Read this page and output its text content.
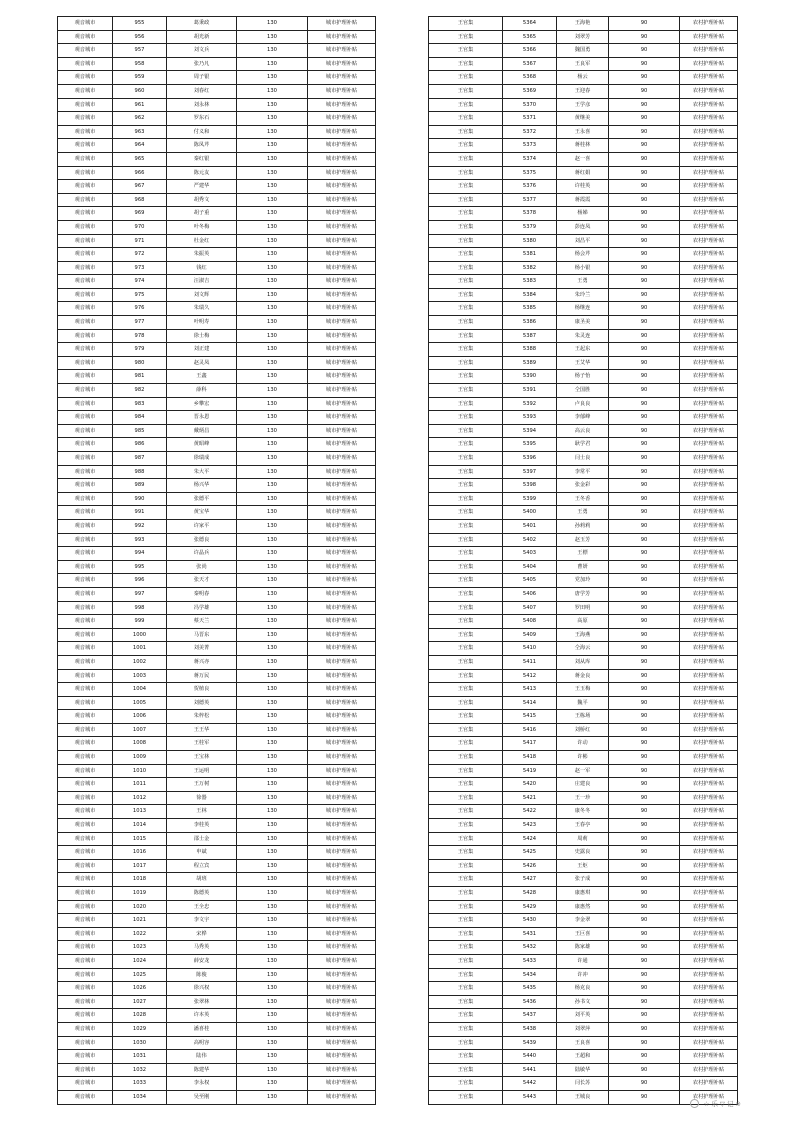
观音城市	955	葛秉政	130	城市护理补贴
观音城市	956	胡光新	130	城市护理补贴
观音城市	957	刘文兵	130	城市护理补贴
观音城市	958	张乃凡	130	城市护理补贴
观音城市	959	周子银	130	城市护理补贴
观音城市	960	刘春红	130	城市护理补贴
观音城市	961	刘永林	130	城市护理补贴
观音城市	962	罗东石	130	城市护理补贴
观音城市	963	付义和	130	城市护理补贴
观音城市	964	陈凤芹	130	城市护理补贴
观音城市	965	秦红银	130	城市护理补贴
观音城市	966	陈元友	130	城市护理补贴
观音城市	967	严建华	130	城市护理补贴
观音城市	968	胡秀文	130	城市护理补贴
观音城市	969	胡子重	130	城市护理补贴
观音城市	970	叶冬梅	130	城市护理补贴
观音城市	971	杜金红	130	城市护理补贴
观音城市	972	朱振英	130	城市护理补贴
观音城市	973	钱红	130	城市护理补贴
观音城市	974	汪淑吉	130	城市护理补贴
观音城市	975	刘文辉	130	城市护理补贴
观音城市	976	朱瑞久	130	城市护理补贴
观音城市	977	叶明寿	130	城市护理补贴
观音城市	978	徐士梅	130	城市护理补贴
观音城市	979	刘正建	130	城市护理补贴
观音城市	980	赵灵凤	130	城市护理补贴
观音城市	981	王鑫	130	城市护理补贴
观音城市	982	薛科	130	城市护理补贴
观音城市	983	乡攀宏	130	城市护理补贴
观音城市	984	晋永恩	130	城市护理补贴
观音城市	985	戴炳昌	130	城市护理补贴
观音城市	986	黄昭峰	130	城市护理补贴
观音城市	987	徐瑞成	130	城市护理补贴
观音城市	988	朱大平	130	城市护理补贴
观音城市	989	杨兴华	130	城市护理补贴
观音城市	990	张德平	130	城市护理补贴
观音城市	991	黄宝华	130	城市护理补贴
观音城市	992	许家平	130	城市护理补贴
观音城市	993	张德良	130	城市护理补贴
观音城市	994	许晶兵	130	城市护理补贴
观音城市	995	张尚	130	城市护理补贴
观音城市	996	张天才	130	城市护理补贴
观音城市	997	秦明春	130	城市护理补贴
观音城市	998	冯学雄	130	城市护理补贴
观音城市	999	蔡天兰	130	城市护理补贴
观音城市	1000	马晋东	130	城市护理补贴
观音城市	1001	刘美菁	130	城市护理补贴
观音城市	1002	蒋兴亦	130	城市护理补贴
观音城市	1003	蒋万民	130	城市护理补贴
观音城市	1004	贺植良	130	城市护理补贴
观音城市	1005	刘德英	130	城市护理补贴
观音城市	1006	朱梓松	130	城市护理补贴
观音城市	1007	王王华	130	城市护理补贴
观音城市	1008	王桂军	130	城市护理补贴
观音城市	1009	王宝林	130	城市护理补贴
观音城市	1010	王运明	130	城市护理补贴
观音城市	1011	王万树	130	城市护理补贴
观音城市	1012	徐器	130	城市护理补贴
观音城市	1013	王林	130	城市护理补贴
观音城市	1014	李桂英	130	城市护理补贴
观音城市	1015	邵士金	130	城市护理补贴
观音城市	1016	申斌	130	城市护理补贴
观音城市	1017	程立宾	130	城市护理补贴
观音城市	1018	胡班	130	城市护理补贴
观音城市	1019	陈德英	130	城市护理补贴
观音城市	1020	王全忠	130	城市护理补贴
观音城市	1021	李文宇	130	城市护理补贴
观音城市	1022	宋桦	130	城市护理补贴
观音城市	1023	马秀英	130	城市护理补贴
观音城市	1024	薛安龙	130	城市护理补贴
观音城市	1025	陈俊	130	城市护理补贴
观音城市	1026	徐兴权	130	城市护理补贴
观音城市	1027	张翠林	130	城市护理补贴
观音城市	1028	许本英	130	城市护理补贴
观音城市	1029	潘喜桂	130	城市护理补贴
观音城市	1030	高明容	130	城市护理补贴
观音城市	1031	陆伟	130	城市护理补贴
观音城市	1032	陈建华	130	城市护理补贴
观音城市	1033	李永权	130	城市护理补贴
观音城市	1034	吴至刚	130	城市护理补贴
王官集	5364	王海艳	90	农村护理补贴
王官集	5365	刘翠芳	90	农村护理补贴
王官集	5366	魏国勇	90	农村护理补贴
王官集	5367	王良军	90	农村护理补贴
王官集	5368	杨云	90	农村护理补贴
王官集	5369	王迎春	90	农村护理补贴
王官集	5370	王学彦	90	农村护理补贴
王官集	5371	黄继美	90	农村护理补贴
王官集	5372	王永喜	90	农村护理补贴
王官集	5373	蒋桂林	90	农村护理补贴
王官集	5374	赵一喜	90	农村护理补贴
王官集	5375	蒋红娟	90	农村护理补贴
王官集	5376	许桂英	90	农村护理补贴
王官集	5377	蒋霞霞	90	农村护理补贴
王官集	5378	杨娣	90	农村护理补贴
王官集	5379	彭连凤	90	农村护理补贴
王官集	5380	刘昌平	90	农村护理补贴
王官集	5381	杨会芹	90	农村护理补贴
王官集	5382	杨小银	90	农村护理补贴
王官集	5383	王勇	90	农村护理补贴
王官集	5384	朱玲兰	90	农村护理补贴
王官集	5385	杨继连	90	农村护理补贴
王官集	5386	康圣美	90	农村护理补贴
王官集	5387	朱灵连	90	农村护理补贴
王官集	5388	王起东	90	农村护理补贴
王官集	5389	王艾华	90	农村护理补贴
王官集	5390	杨子怡	90	农村护理补贴
王官集	5391	仝国胜	90	农村护理补贴
王官集	5392	卢良良	90	农村护理补贴
王官集	5393	李郁峰	90	农村护理补贴
王官集	5394	高云良	90	农村护理补贴
王官集	5395	耿学君	90	农村护理补贴
王官集	5396	闫士良	90	农村护理补贴
王官集	5397	李常平	90	农村护理补贴
王官集	5398	张金彩	90	农村护理补贴
王官集	5399	王冬香	90	农村护理补贴
王官集	5400	王勇	90	农村护理补贴
王官集	5401	孙莉莉	90	农村护理补贴
王官集	5402	赵玉芳	90	农村护理补贴
王官集	5403	王標	90	农村护理补贴
王官集	5404	曹妍	90	农村护理补贴
王官集	5405	党加玲	90	农村护理补贴
王官集	5406	唐学芳	90	农村护理补贴
王官集	5407	罗田明	90	农村护理补贴
王官集	5408	高原	90	农村护理补贴
王官集	5409	王海燕	90	农村护理补贴
王官集	5410	仝海云	90	农村护理补贴
王官集	5411	刘从库	90	农村护理补贴
王官集	5412	蒋金良	90	农村护理补贴
王官集	5413	王玉梅	90	农村护理补贴
王官集	5414	魏平	90	农村护理补贴
王官集	5415	王栋场	90	农村护理补贴
王官集	5416	刘桥红	90	农村护理补贴
王官集	5417	许动	90	农村护理补贴
王官集	5418	许彬	90	农村护理补贴
王官集	5419	赵一军	90	农村护理补贴
王官集	5420	庄建良	90	农村护理补贴
王官集	5421	王一珍	90	农村护理补贴
王官集	5422	康冬冬	90	农村护理补贴
王官集	5423	王春亭	90	农村护理补贴
王官集	5424	周莉	90	农村护理补贴
王官集	5425	史露良	90	农村护理补贴
王官集	5426	王炬	90	农村护理补贴
王官集	5427	张子成	90	农村护理补贴
王官集	5428	康惠琪	90	农村护理补贴
王官集	5429	康惠然	90	农村护理补贴
王官集	5430	李金翠	90	农村护理补贴
王官集	5431	王巨喜	90	农村护理补贴
王官集	5432	陈家雄	90	农村护理补贴
王官集	5433	许通	90	农村护理补贴
王官集	5434	许冲	90	农村护理补贴
王官集	5435	杨克良	90	农村护理补贴
王官集	5436	孙书文	90	农村护理补贴
王官集	5437	刘平英	90	农村护理补贴
王官集	5438	刘翠萍	90	农村护理补贴
王官集	5439	王良喜	90	农村护理补贴
王官集	5440	王超和	90	农村护理补贴
王官集	5441	陆敏华	90	农村护理补贴
王官集	5442	闫长苏	90	农村护理补贴
王官集	5443	王城良	90	农村护理补贴
☆ 乐 ▽ 记 ※
